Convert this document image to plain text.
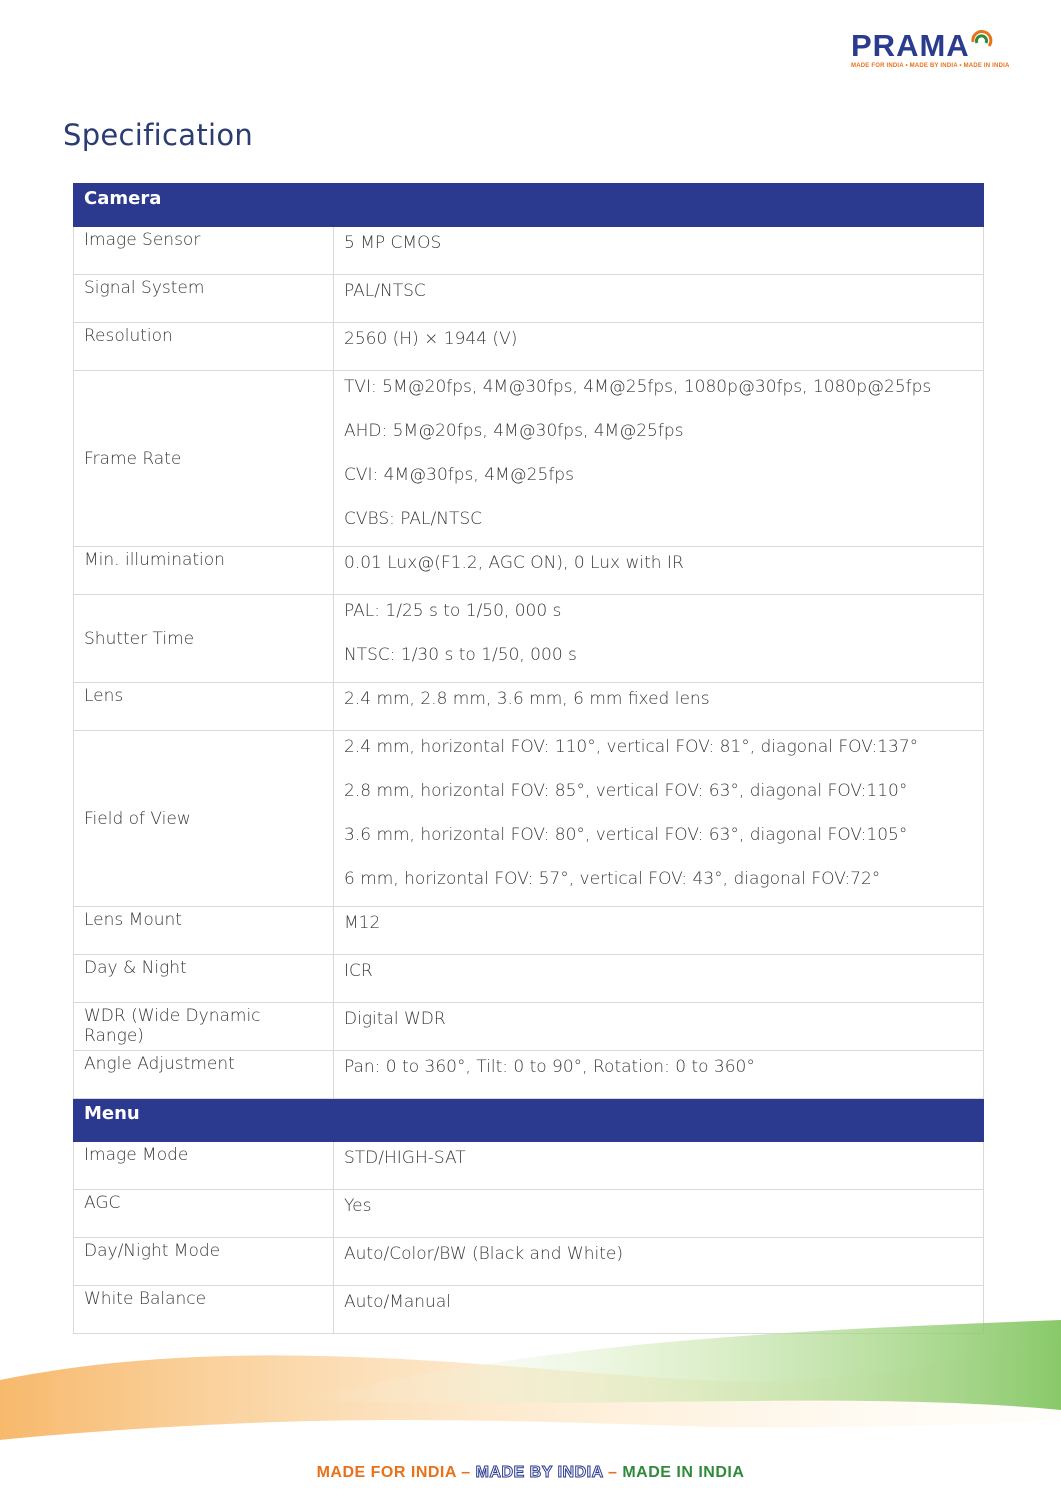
PRAMA
MADE FOR INDIA • MADE BY INDIA • MADE IN INDIA
Specification
Camera	

Image Sensor	5 MP CMOS

Signal System	PAL/NTSC

Resolution	2560 (H) × 1944 (V)

Frame Rate	TVI: 5M@20fps, 4M@30fps, 4M@25fps, 1080p@30fps, 1080p@25fps
AHD: 5M@20fps, 4M@30fps, 4M@25fps
CVI: 4M@30fps, 4M@25fps
CVBS: PAL/NTSC

Min. illumination	0.01 Lux@(F1.2, AGC ON), 0 Lux with IR

Shutter Time	PAL: 1/25 s to 1/50, 000 s
NTSC: 1/30 s to 1/50, 000 s

Lens	2.4 mm, 2.8 mm, 3.6 mm, 6 mm fixed lens

Field of View	2.4 mm, horizontal FOV: 110°, vertical FOV: 81°, diagonal FOV:137°
2.8 mm, horizontal FOV: 85°, vertical FOV: 63°, diagonal FOV:110°
3.6 mm, horizontal FOV: 80°, vertical FOV: 63°, diagonal FOV:105°
6 mm, horizontal FOV: 57°, vertical FOV: 43°, diagonal FOV:72°

Lens Mount	M12

Day & Night	ICR

WDR (Wide Dynamic Range)	Digital WDR

Angle Adjustment	Pan: 0 to 360°, Tilt: 0 to 90°, Rotation: 0 to 360°

Menu	

Image Mode	STD/HIGH-SAT

AGC	Yes

Day/Night Mode	Auto/Color/BW (Black and White)

White Balance	Auto/Manual
MADE FOR INDIA – MADE BY INDIA – MADE IN INDIA
